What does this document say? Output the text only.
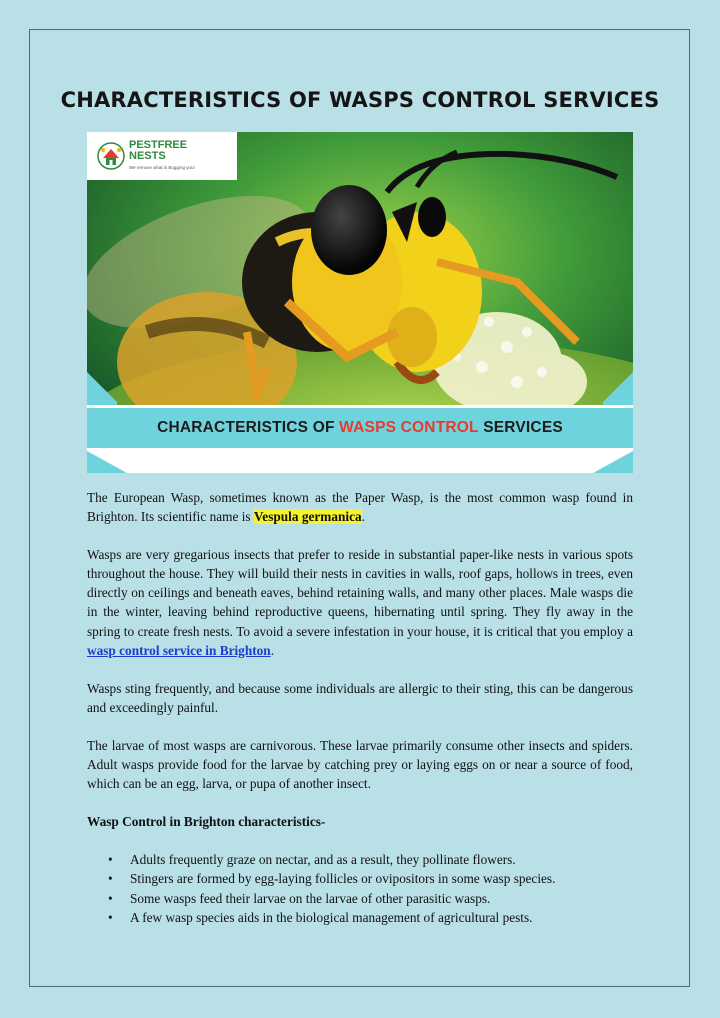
CHARACTERISTICS OF WASPS CONTROL SERVICES
PESTFREE
NESTS
We remove what is Bugging you!
CHARACTERISTICS OF WASPS CONTROL SERVICES

The European Wasp, sometimes known as the Paper Wasp, is the most common wasp found in Brighton. Its scientific name is Vespula germanica.

Wasps are very gregarious insects that prefer to reside in substantial paper-like nests in various spots throughout the house. They will build their nests in cavities in walls, roof gaps, hollows in trees, even directly on ceilings and beneath eaves, behind retaining walls, and many other places. Male wasps die in the winter, leaving behind reproductive queens, hibernating until spring. They fly away in the spring to create fresh nests. To avoid a severe infestation in your house, it is critical that you employ a wasp control service in Brighton.

Wasps sting frequently, and because some individuals are allergic to their sting, this can be dangerous and exceedingly painful.

The larvae of most wasps are carnivorous. These larvae primarily consume other insects and spiders. Adult wasps provide food for the larvae by catching prey or laying eggs on or near a source of food, which can be an egg, larva, or pupa of another insect.

Wasp Control in Brighton characteristics-

• Adults frequently graze on nectar, and as a result, they pollinate flowers.
• Stingers are formed by egg-laying follicles or ovipositors in some wasp species.
• Some wasps feed their larvae on the larvae of other parasitic wasps.
• A few wasp species aids in the biological management of agricultural pests.
